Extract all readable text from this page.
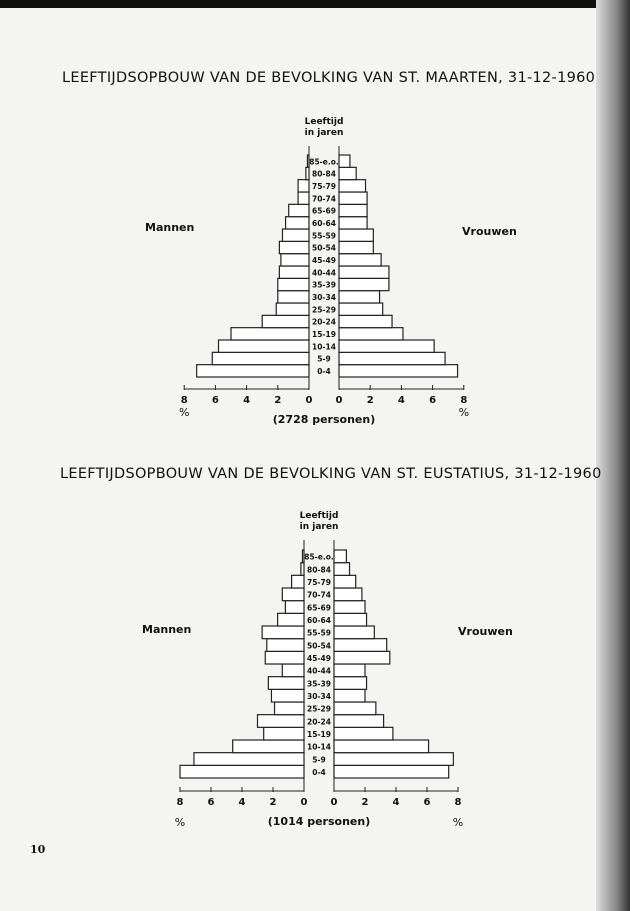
LEEFTIJDSOPBOUW VAN DE BEVOLKING VAN ST. MAARTEN, 31-12-1960
Mannen	Vrouwen
LEEFTIJDSOPBOUW VAN DE BEVOLKING VAN ST. EUSTATIUS, 31-12-1960
Mannen	Vrouwen
10
Leeftijd
in jaren
0-4
5-9
10-14
15-19
20-24
25-29
30-34
35-39
40-44
45-49
50-54
55-59
60-64
65-69
70-74
75-79
80-84
85-e.o.
0 0
2	2
4	4
6	6
8	8
%	%
(2728 personen)
Leeftijd
in jaren
0-4
5-9
10-14
15-19
20-24
25-29
30-34
35-39
40-44
45-49
50-54
55-59
60-64
65-69
70-74
75-79
80-84
85-e.o.
0 0
2	2
4	4
6	6
8	8
%	%
(1014 personen)
